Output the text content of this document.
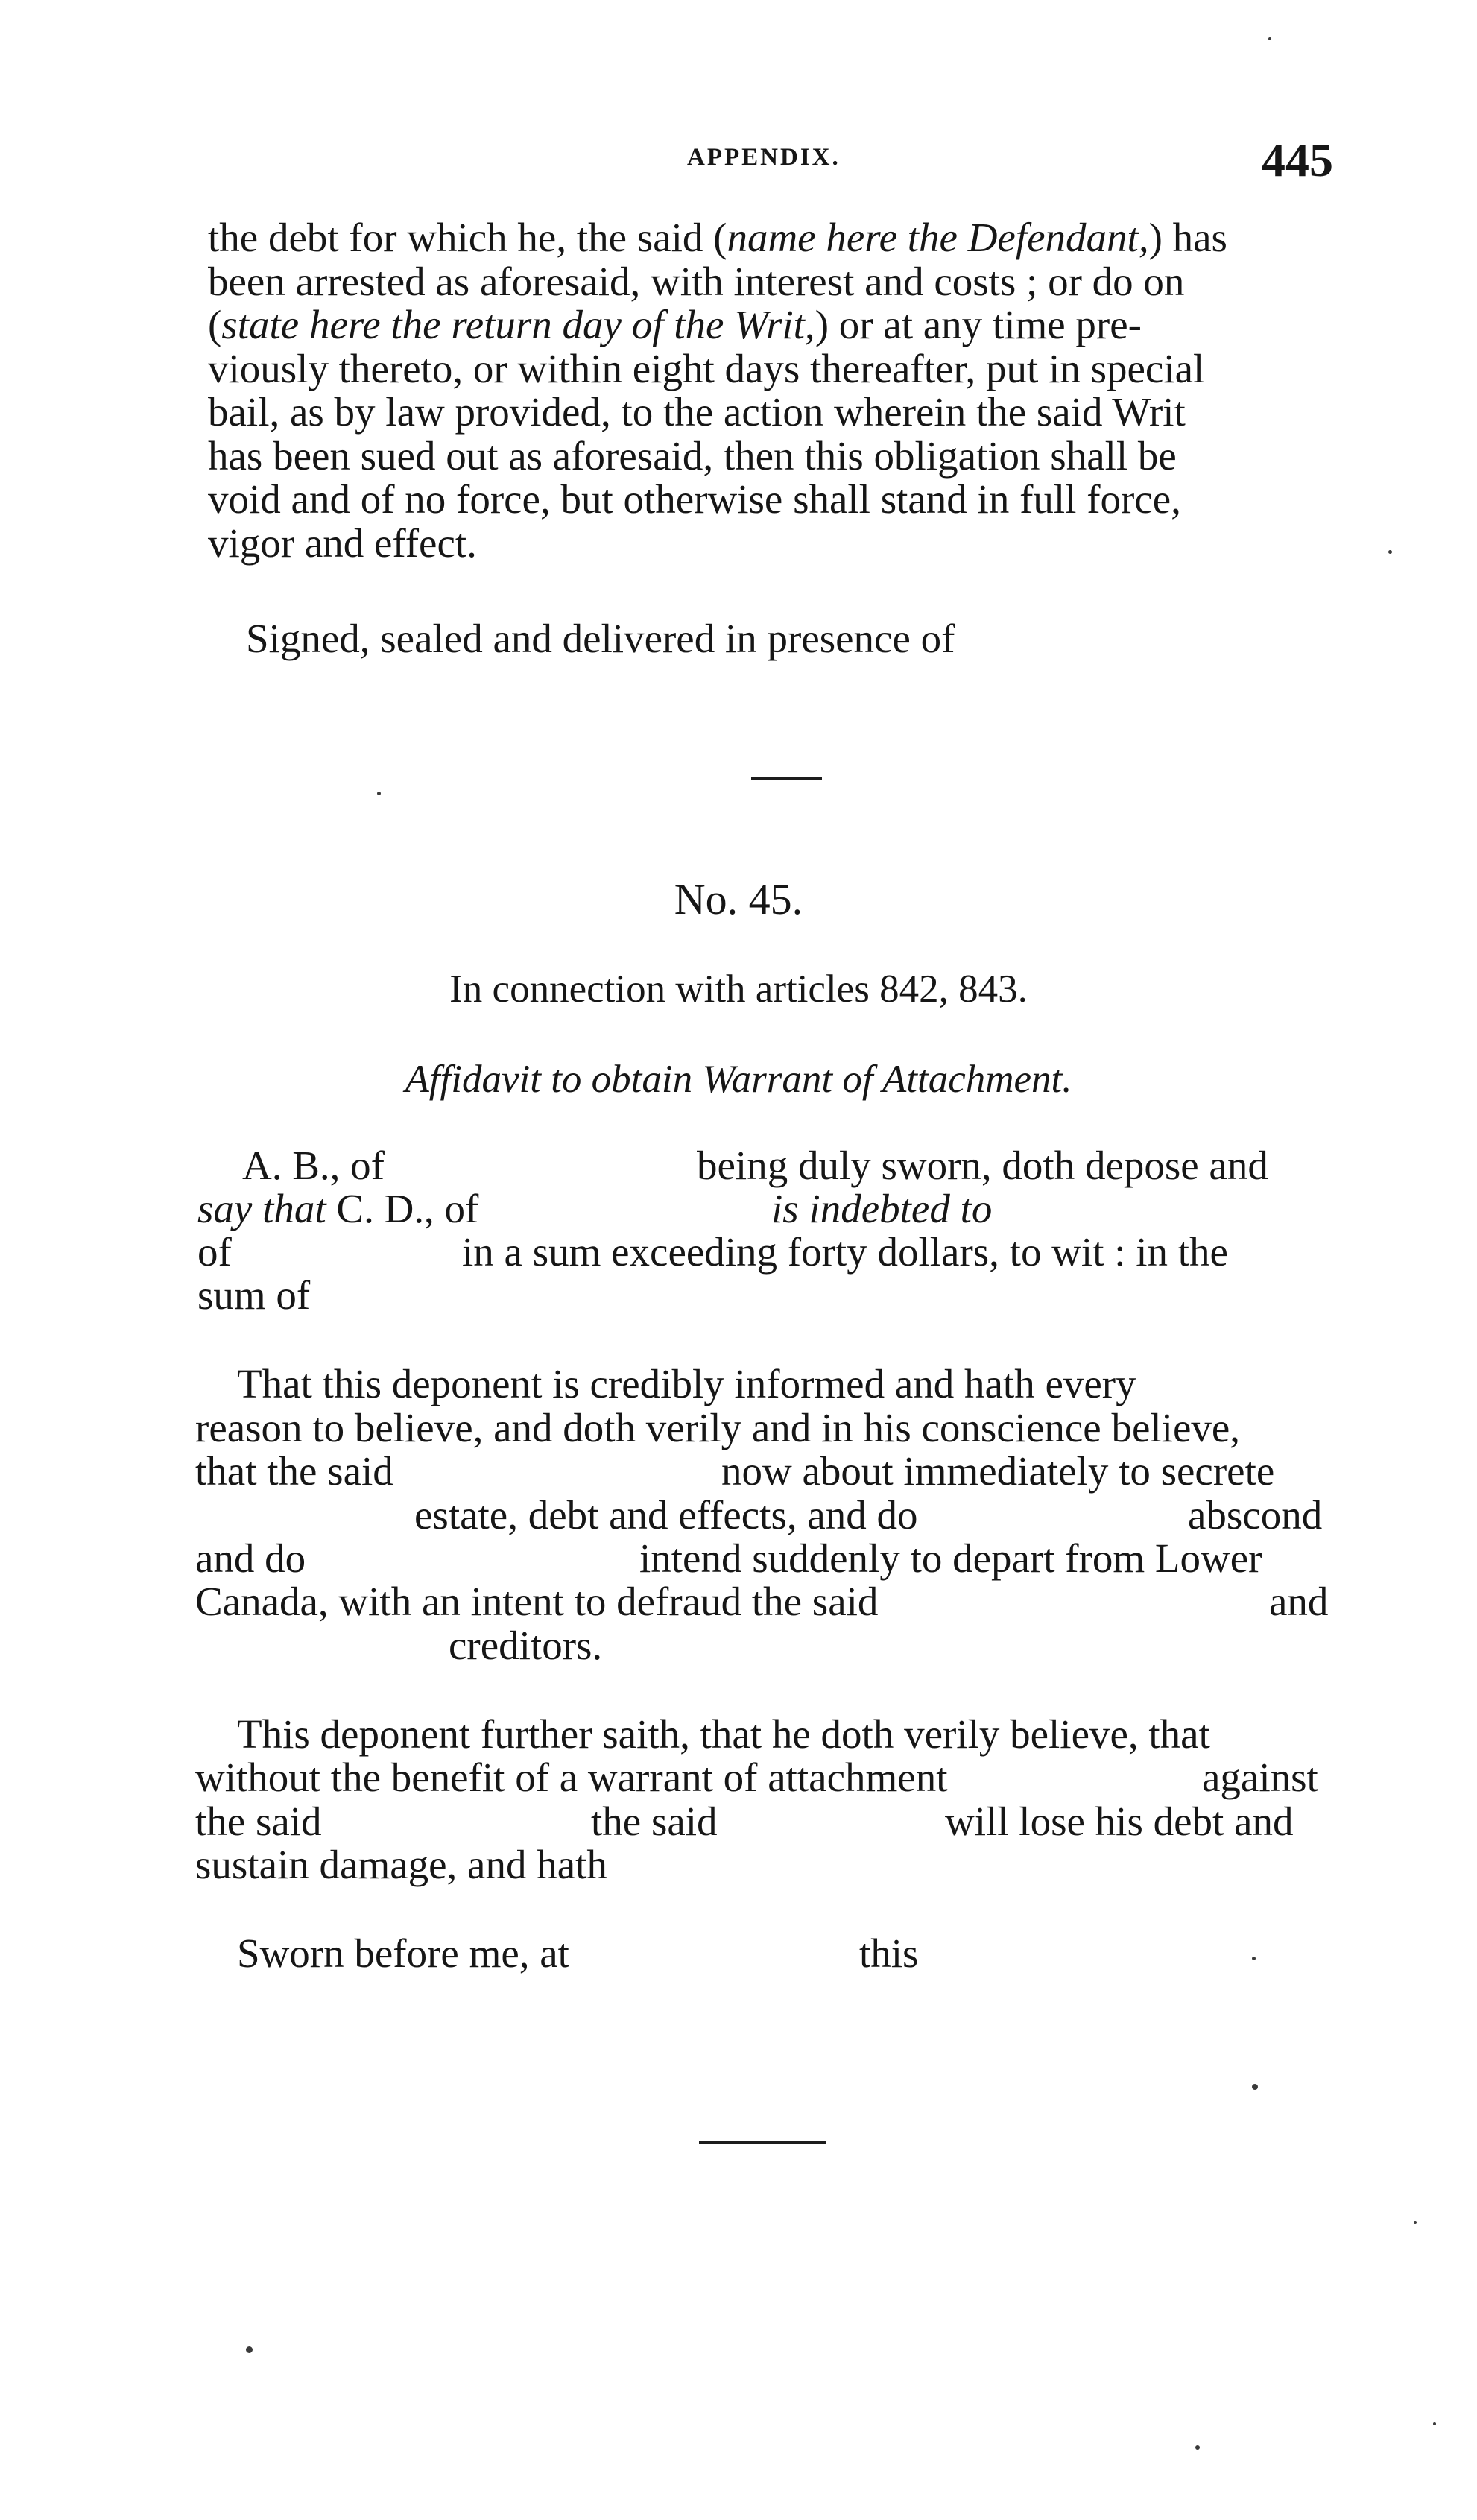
APPENDIX.	445
the debt for which he, the said (name here the Defendant,) has
been arrested as aforesaid, with interest and costs ; or do on
(state here the return day of the Writ,) or at any time pre-
viously thereto, or within eight days thereafter, put in special
bail, as by law provided, to the action wherein the said Writ
has been sued out as aforesaid, then this obligation shall be
void and of no force, but otherwise shall stand in full force,
vigor and effect.
Signed, sealed and delivered in presence of
No. 45.
In connection with articles 842, 843.
Affidavit to obtain Warrant of Attachment.
A. B., of	being duly sworn, doth depose and
say that C. D., of	is indebted to
of	in a sum exceeding forty dollars, to wit : in the
sum of
That this deponent is credibly informed and hath every
reason to believe, and doth verily and in his conscience believe,
that the said	now about immediately to secrete
estate, debt and effects, and do	abscond
and do	intend suddenly to depart from Lower
Canada, with an intent to defraud the said	and
creditors.
This deponent further saith, that he doth verily believe, that
without the benefit of a warrant of attachment	against
the said	the said	will lose his debt and
sustain damage, and hath
Sworn before me, at	this
